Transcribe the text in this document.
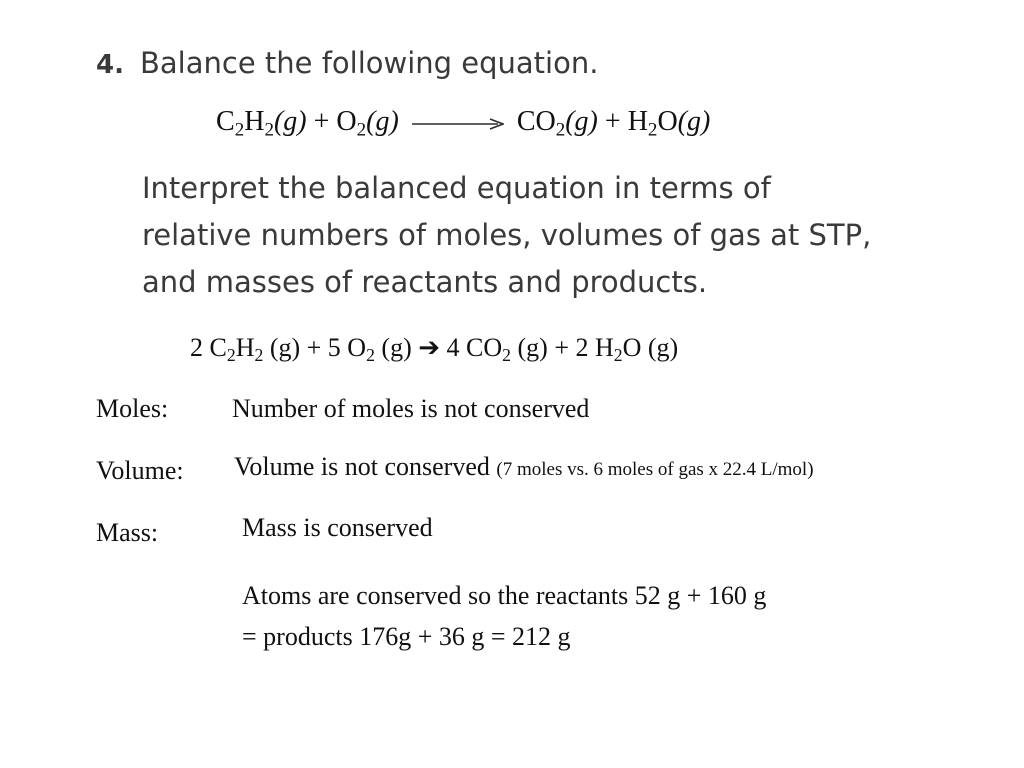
4. Balance the following equation.
$C_2H_2(g) + O_2(g) \to CO_2(g) + H_2O(g)$
Interpret the balanced equation in terms of
relative numbers of moles, volumes of gas at STP,
and masses of reactants and products.
2 $C_2H_2$ (g) + 5 $O_2$ (g) ➔ 4 $CO_2$ (g) + 2 $H_2O$ (g)
Moles: Number of moles is not conserved
Volume: Volume is not conserved (7 moles vs. 6 moles of gas x 22.4 L/mol)
Mass:	Mass is conserved
Atoms are conserved so the reactants 52 g + 160 g
= products 176g + 36 g = 212 g
